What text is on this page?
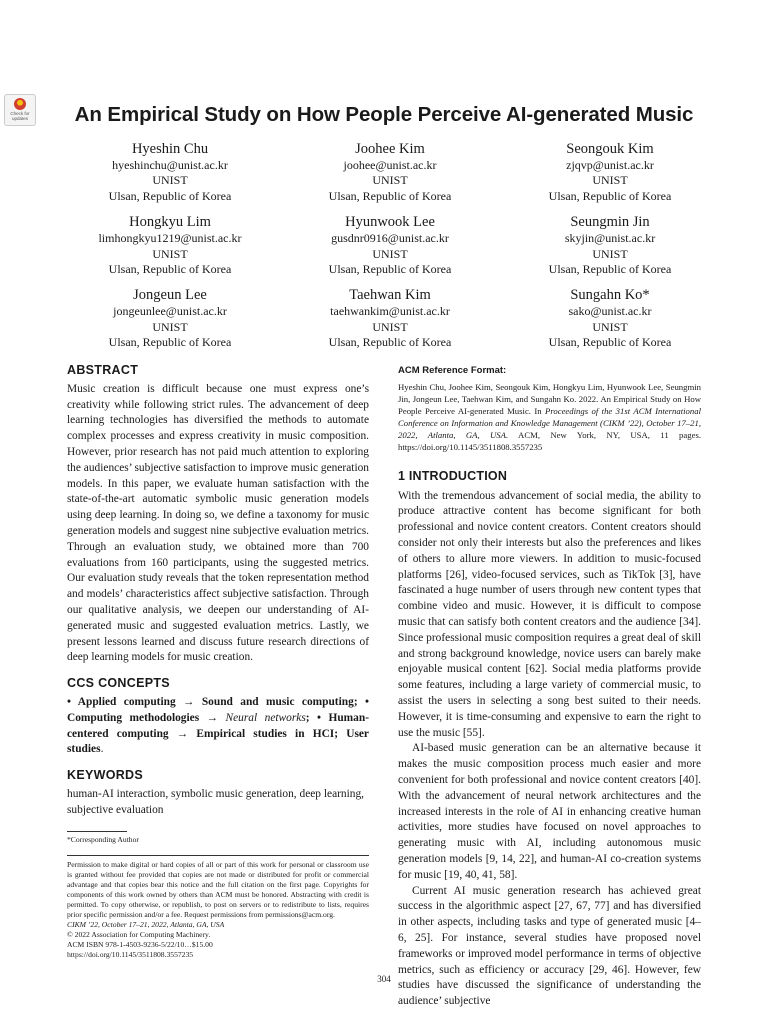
Check for updates	An Empirical Study on How People Perceive AI-generated Music
Hyeshin Chu
hyeshinchu@unist.ac.kr
UNIST
Ulsan, Republic of Korea
Joohee Kim
joohee@unist.ac.kr
UNIST
Ulsan, Republic of Korea
Seongouk Kim
zjqvp@unist.ac.kr
UNIST
Ulsan, Republic of Korea
Hongkyu Lim
limhongkyu1219@unist.ac.kr
UNIST
Ulsan, Republic of Korea
Hyunwook Lee
gusdnr0916@unist.ac.kr
UNIST
Ulsan, Republic of Korea
Seungmin Jin
skyjin@unist.ac.kr
UNIST
Ulsan, Republic of Korea
Jongeun Lee
jongeunlee@unist.ac.kr
UNIST
Ulsan, Republic of Korea
Taehwan Kim
taehwankim@unist.ac.kr
UNIST
Ulsan, Republic of Korea
Sungahn Ko*
sako@unist.ac.kr
UNIST
Ulsan, Republic of Korea
ABSTRACT

Music creation is difficult because one must express one’s creativity while following strict rules. The advancement of deep learning technologies has diversified the methods to automate complex processes and express creativity in music composition. However, prior research has not paid much attention to exploring the audiences’ subjective satisfaction to improve music generation models. In this paper, we evaluate human satisfaction with the state-of-the-art automatic symbolic music generation models using deep learning. In doing so, we define a taxonomy for music generation models and suggest nine subjective evaluation metrics. Through an evaluation study, we obtained more than 700 evaluations from 160 participants, using the suggested metrics. Our evaluation study reveals that the token representation method and models’ characteristics affect subjective satisfaction. Through our qualitative analysis, we deepen our understanding of AI-generated music and suggested evaluation metrics. Lastly, we present lessons learned and discuss future research directions of deep learning models for music creation.

CCS CONCEPTS

• Applied computing → Sound and music computing; • Computing methodologies → Neural networks; • Human-centered computing → Empirical studies in HCI; User studies.

KEYWORDS

human-AI interaction, symbolic music generation, deep learning, subjective evaluation

*Corresponding Author

Permission to make digital or hard copies of all or part of this work for personal or classroom use is granted without fee provided that copies are not made or distributed for profit or commercial advantage and that copies bear this notice and the full citation on the first page. Copyrights for components of this work owned by others than ACM must be honored. Abstracting with credit is permitted. To copy otherwise, or republish, to post on servers or to redistribute to lists, requires prior specific permission and/or a fee. Request permissions from permissions@acm.org.

CIKM ’22, October 17–21, 2022, Atlanta, GA, USA
© 2022 Association for Computing Machinery.
ACM ISBN 978-1-4503-9236-5/22/10…$15.00
https://doi.org/10.1145/3511808.3557235
ACM Reference Format:
Hyeshin Chu, Joohee Kim, Seongouk Kim, Hongkyu Lim, Hyunwook Lee, Seungmin Jin, Jongeun Lee, Taehwan Kim, and Sungahn Ko. 2022. An Empirical Study on How People Perceive AI-generated Music. In Proceedings of the 31st ACM International Conference on Information and Knowledge Management (CIKM ’22), October 17–21, 2022, Atlanta, GA, USA. ACM, New York, NY, USA, 11 pages. https://doi.org/10.1145/3511808.3557235
1 INTRODUCTION

With the tremendous advancement of social media, the ability to produce attractive content has become significant for both professional and novice content creators. Content creators should consider not only their interests but also the preferences and likes of others to allure more viewers. In addition to music-focused platforms [26], video-focused services, such as TikTok [3], have fascinated a huge number of users through new content types that combine video and music. However, it is difficult to compose music that can satisfy both content creators and the audience [34]. Since professional music composition requires a great deal of skill and strong background knowledge, novice users can barely make enjoyable musical content [62]. Social media platforms provide some features, including a large variety of commercial music, to assist the users in selecting a song best suited to their needs. However, it is time-consuming and expensive to earn the right to use the music [55].

AI-based music generation can be an alternative because it makes the music composition process much easier and more convenient for both professional and novice content creators [40]. With the advancement of neural network architectures and the increased interests in the role of AI in enhancing creative human activities, more studies have focused on novel approaches to generating music with AI, including autonomous music generation models [9, 14, 22], and human-AI co-creation systems for music [19, 40, 41, 58].

Current AI music generation research has achieved great success in the algorithmic aspect [27, 67, 77] and has diversified in other aspects, including tasks and type of generated music [4–6, 25]. For instance, several studies have proposed novel frameworks or improved model performance in terms of objective metrics, such as efficiency or accuracy [29, 46]. However, few studies have discussed the significance of understanding the audience’ subjective

304
